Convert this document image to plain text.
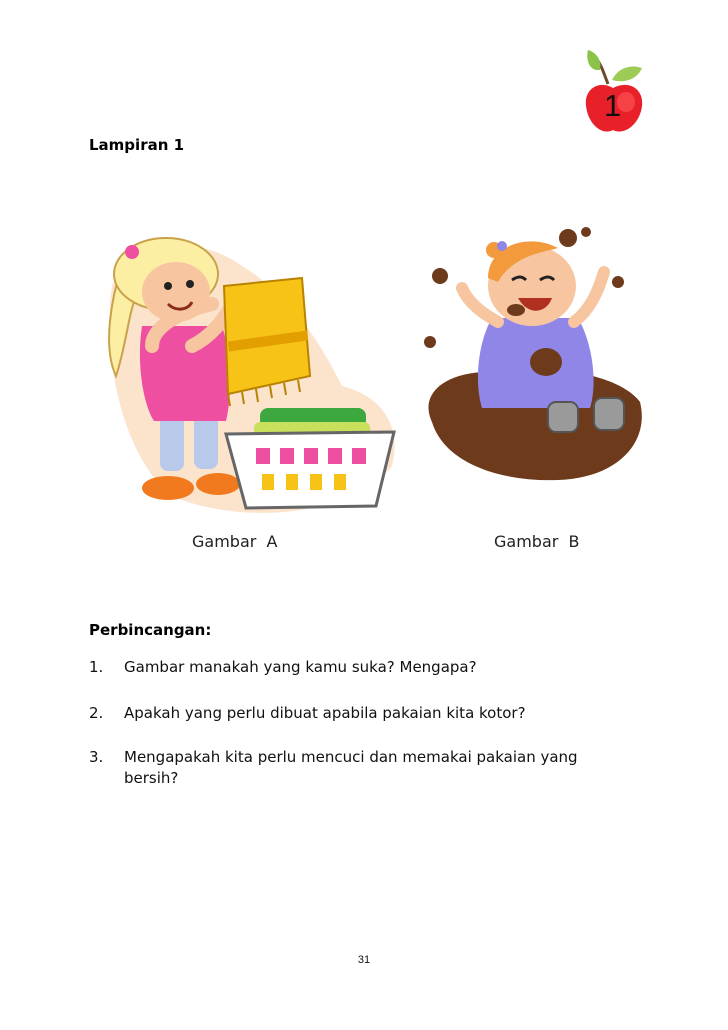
1
Lampiran 1
Gambar  A	Gambar  B
Perbincangan:
1.	Gambar manakah yang kamu suka? Mengapa?
2.	Apakah yang perlu dibuat apabila pakaian kita kotor?
3.	Mengapakah kita perlu mencuci dan memakai pakaian yang bersih?
31
